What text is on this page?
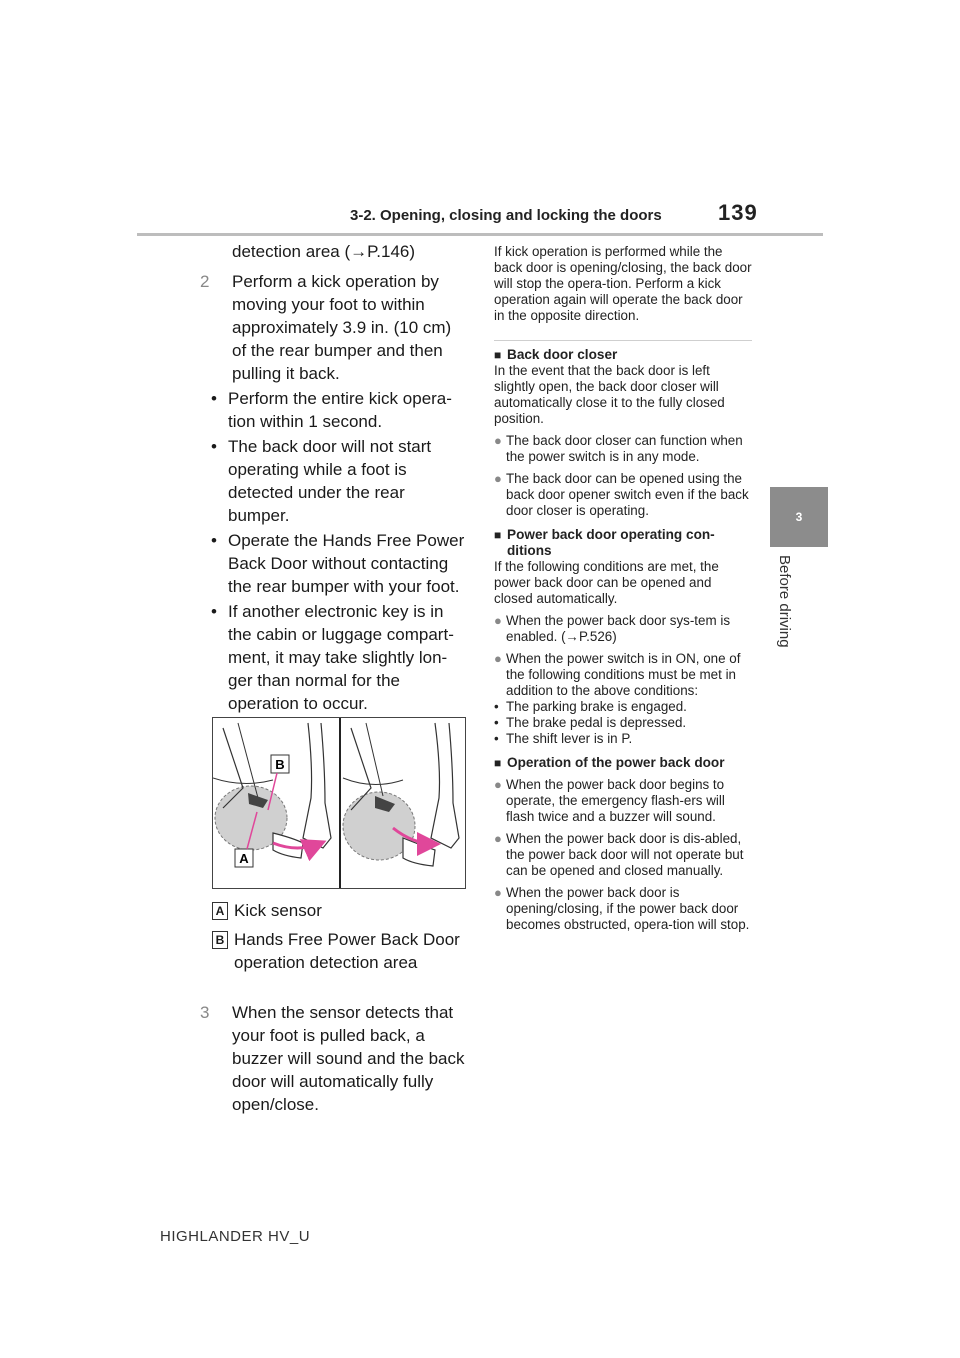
3-2. Opening, closing and locking the doors	139
3
Before driving

detection area (→P.146)

2	Perform a kick operation by moving your foot to within approximately 3.9 in. (10 cm) of the rear bumper and then pulling it back.
• Perform the entire kick opera-tion within 1 second.
• The back door will not start operating while a foot is detected under the rear bumper.
• Operate the Hands Free Power Back Door without contacting the rear bumper with your foot.
• If another electronic key is in the cabin or luggage compart-ment, it may take slightly lon-ger than normal for the operation to occur.
B
A
A Kick sensor
B Hands Free Power Back Door operation detection area
3	When the sensor detects that your foot is pulled back, a buzzer will sound and the back door will automatically fully open/close.

If kick operation is performed while the back door is opening/closing, the back door will stop the opera-tion. Perform a kick operation again will operate the back door in the opposite direction.

■ Back door closer

In the event that the back door is left slightly open, the back door closer will automatically close it to the fully closed position.

● The back door closer can function when the power switch is in any mode.
● The back door can be opened using the back door opener switch even if the back door closer is operating.
■ Power back door operating con-ditions

If the following conditions are met, the power back door can be opened and closed automatically.

● When the power back door sys-tem is enabled. (→P.526)
● When the power switch is in ON, one of the following conditions must be met in addition to the above conditions:
• The parking brake is engaged.
• The brake pedal is depressed.
• The shift lever is in P.
■ Operation of the power back door
● When the power back door begins to operate, the emergency flash-ers will flash twice and a buzzer will sound.
● When the power back door is dis-abled, the power back door will not operate but can be opened and closed manually.
● When the power back door is opening/closing, if the power back door becomes obstructed, opera-tion will stop.
HIGHLANDER HV_U
